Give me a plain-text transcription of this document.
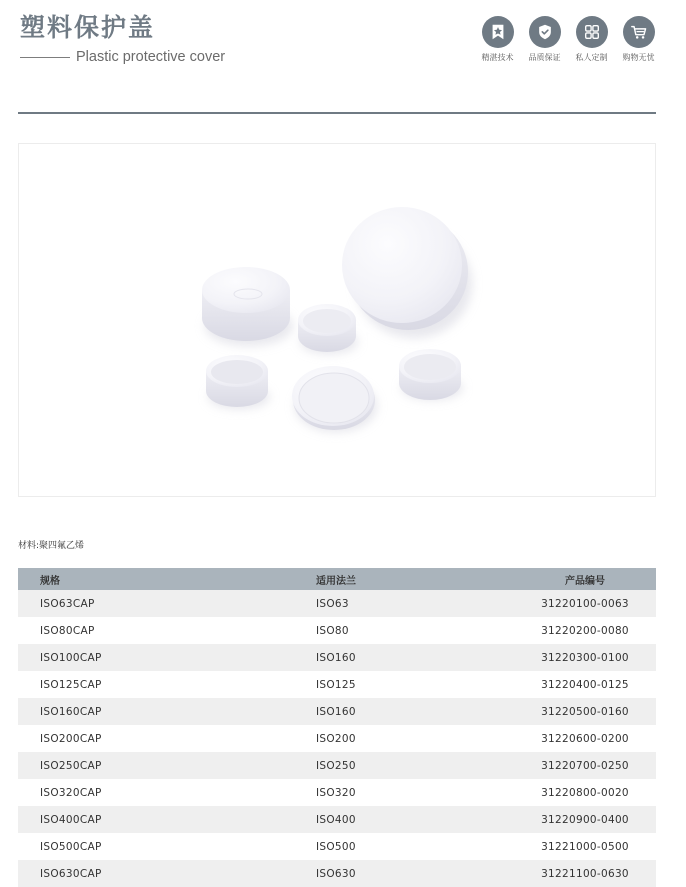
塑料保护盖
Plastic protective cover	精湛技术 品质保证 私人定制 购物无忧
材料:聚四氟乙烯
规格	适用法兰	产品编号
ISO63CAP	ISO63	31220100-0063
ISO80CAP	ISO80	31220200-0080
ISO100CAP	ISO160	31220300-0100
ISO125CAP	ISO125	31220400-0125
ISO160CAP	ISO160	31220500-0160
ISO200CAP	ISO200	31220600-0200
ISO250CAP	ISO250	31220700-0250
ISO320CAP	ISO320	31220800-0020
ISO400CAP	ISO400	31220900-0400
ISO500CAP	ISO500	31221000-0500
ISO630CAP	ISO630	31221100-0630
